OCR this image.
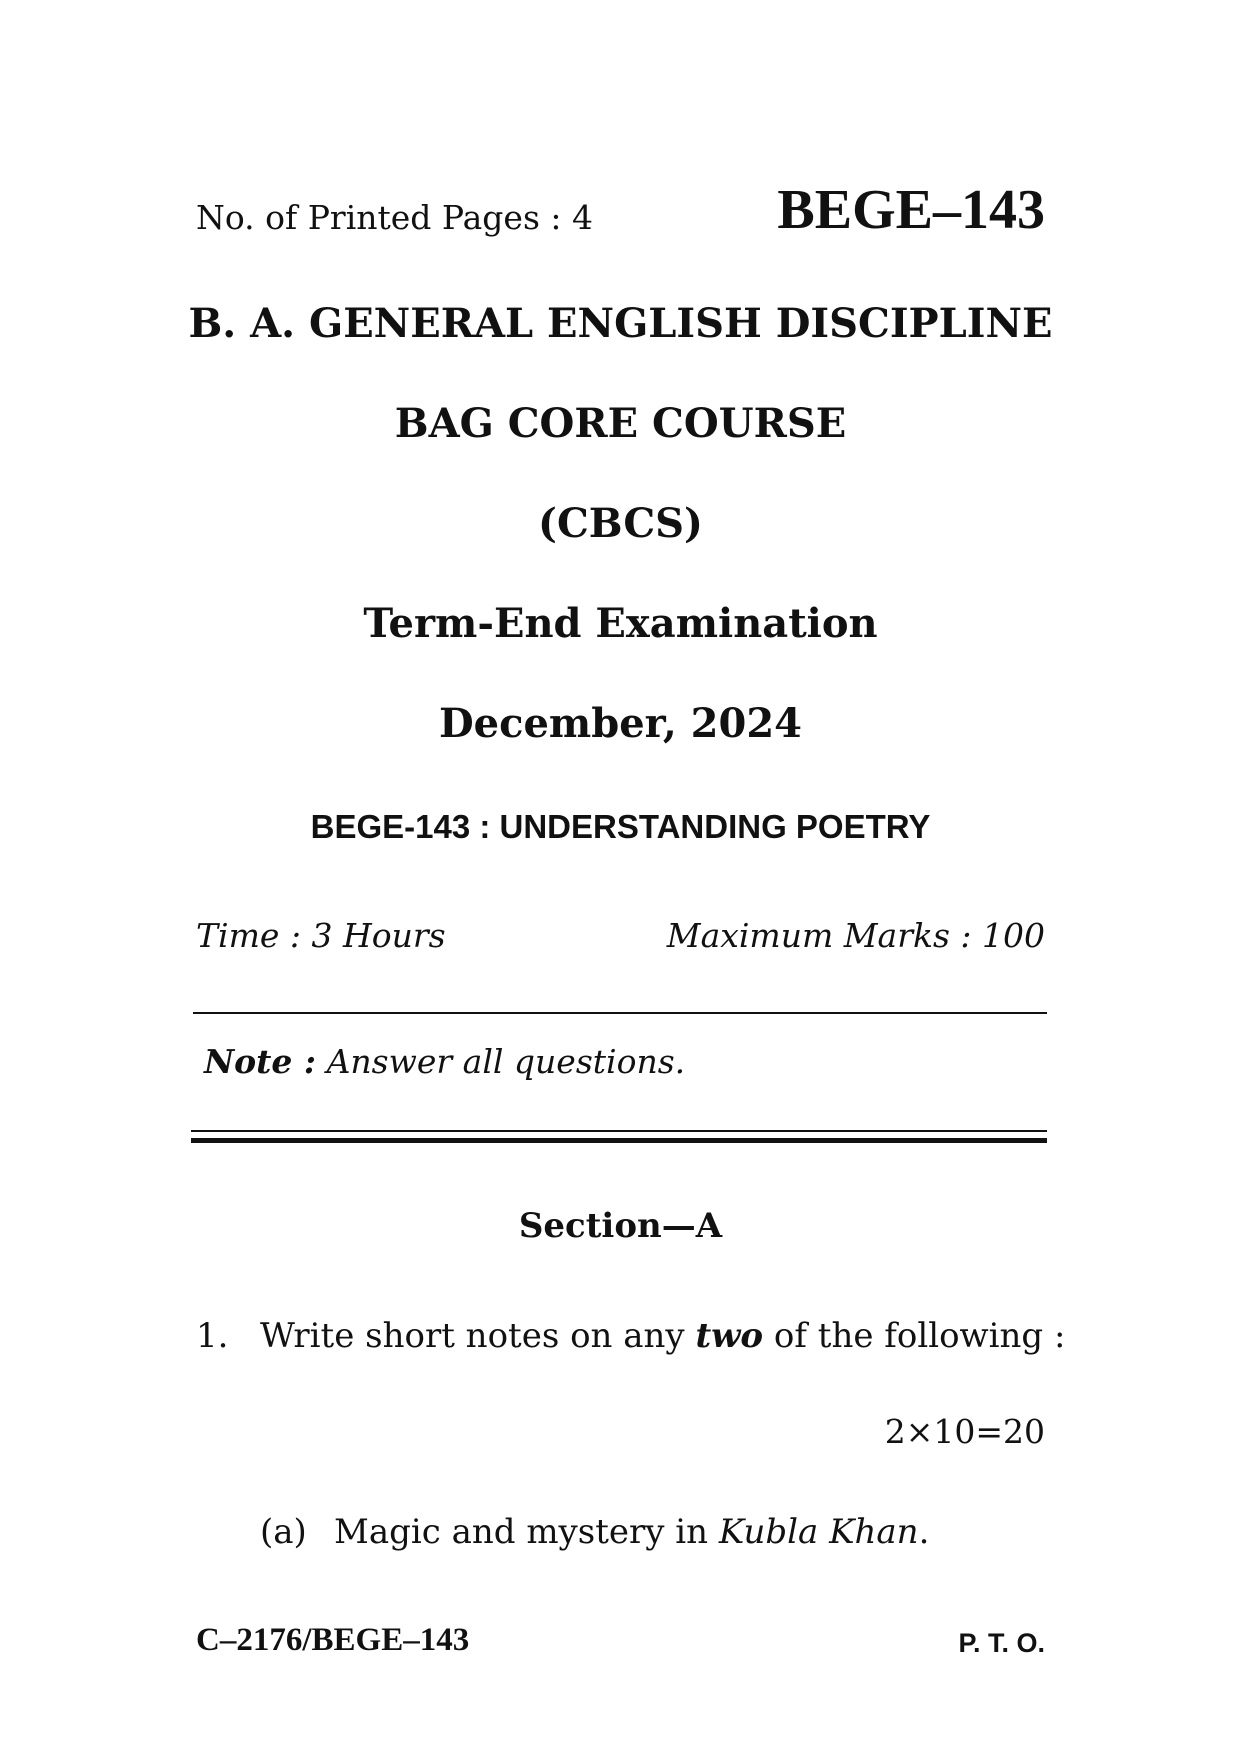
No. of Printed Pages : 4	BEGE–143
B. A. GENERAL ENGLISH DISCIPLINE
BAG CORE COURSE
(CBCS)
Term-End Examination
December, 2024
BEGE-143 : UNDERSTANDING POETRY
Time : 3 Hours	Maximum Marks : 100
Note : Answer all questions.
Section—A
1. Write short notes on any two of the following :
2×10=20
(a) Magic and mystery in Kubla Khan.
C–2176/BEGE–143	P. T. O.
